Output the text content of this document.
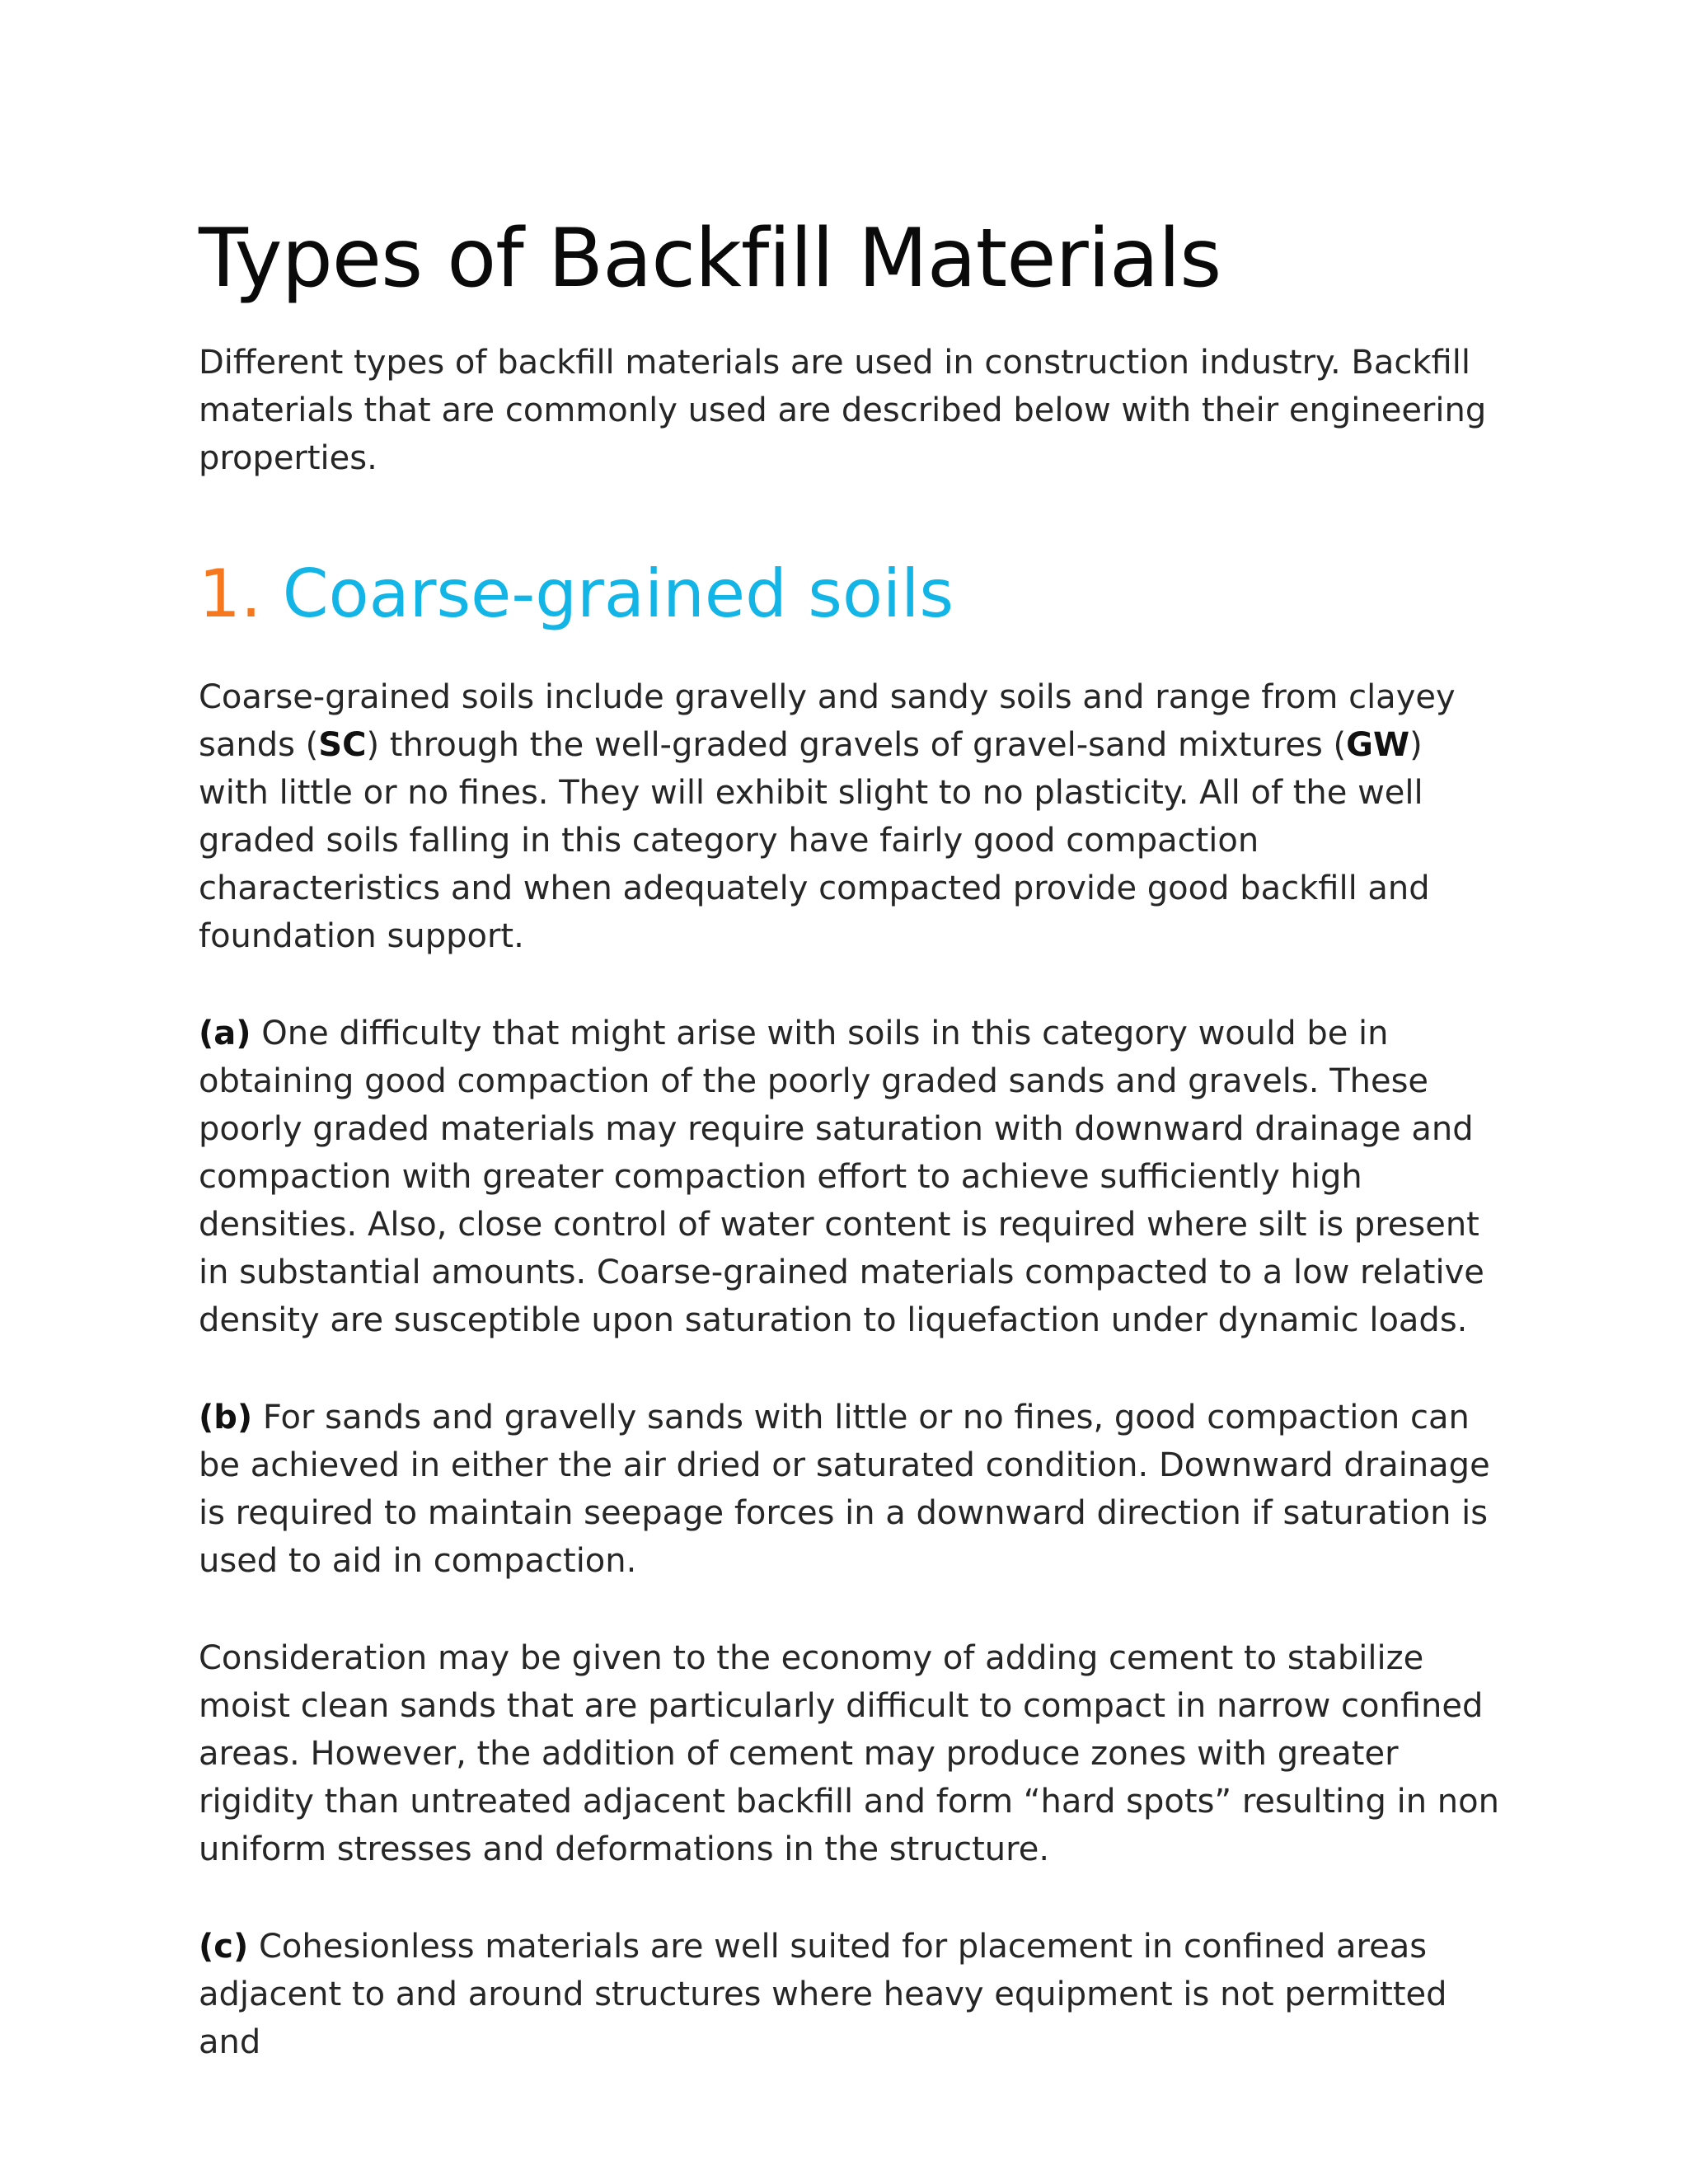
Types of Backfill Materials

Different types of backfill materials are used in construction industry. Backfill materials that are commonly used are described below with their engineering properties.

1. Coarse-grained soils

Coarse-grained soils include gravelly and sandy soils and range from clayey sands (SC) through the well-graded gravels of gravel-sand mixtures (GW) with little or no fines. They will exhibit slight to no plasticity. All of the well graded soils falling in this category have fairly good compaction characteristics and when adequately compacted provide good backfill and foundation support.

(a) One difficulty that might arise with soils in this category would be in obtaining good compaction of the poorly graded sands and gravels. These poorly graded materials may require saturation with downward drainage and compaction with greater compaction effort to achieve sufficiently high densities. Also, close control of water content is required where silt is present in substantial amounts. Coarse-grained materials compacted to a low relative density are susceptible upon saturation to liquefaction under dynamic loads.

(b) For sands and gravelly sands with little or no fines, good compaction can be achieved in either the air dried or saturated condition. Downward drainage is required to maintain seepage forces in a downward direction if saturation is used to aid in compaction.

Consideration may be given to the economy of adding cement to stabilize moist clean sands that are particularly difficult to compact in narrow confined areas. However, the addition of cement may produce zones with greater rigidity than untreated adjacent backfill and form “hard spots” resulting in non uniform stresses and deformations in the structure.

(c) Cohesionless materials are well suited for placement in confined areas adjacent to and around structures where heavy equipment is not permitted and
